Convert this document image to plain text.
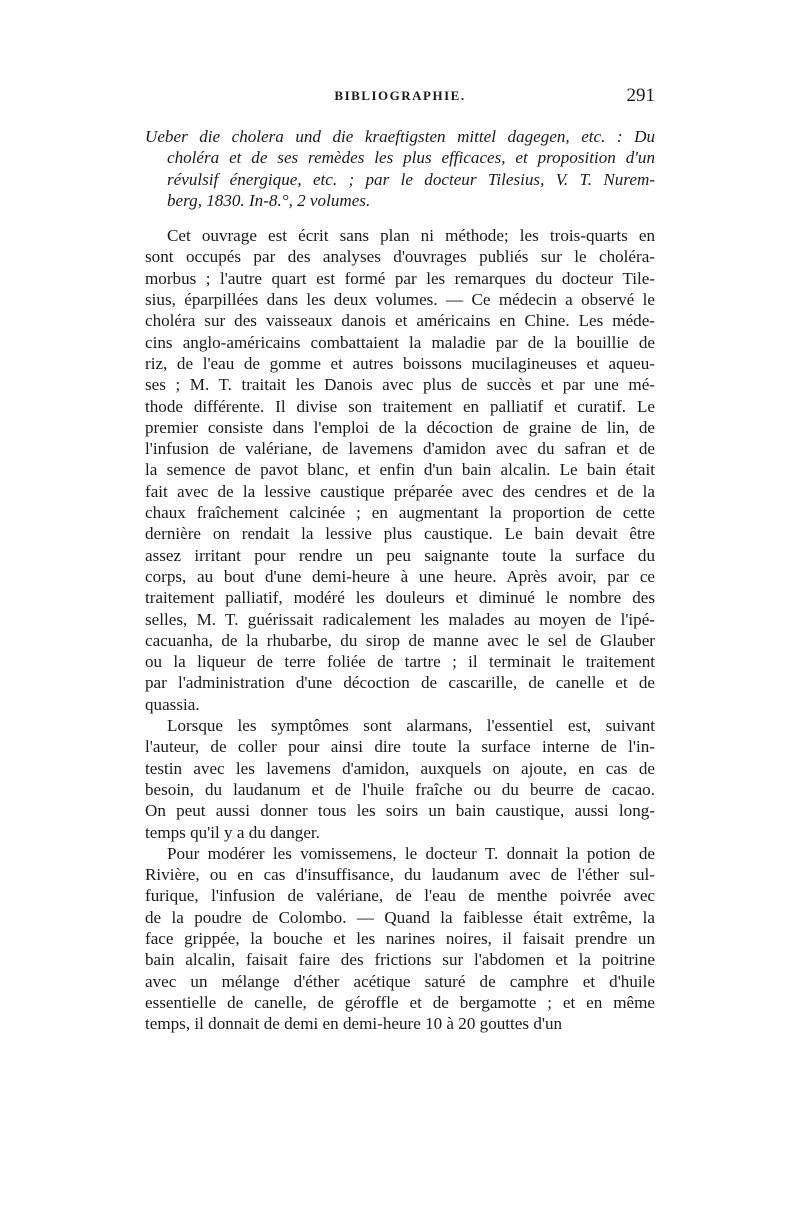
BIBLIOGRAPHIE.	291
Ueber die cholera und die kraeftigsten mittel dagegen, etc. : Du
choléra et de ses remèdes les plus efficaces, et proposition d'un
révulsif énergique, etc. ; par le docteur Tilesius, V. T. Nurem-
berg, 1830. In-8.°, 2 volumes.
Cet ouvrage est écrit sans plan ni méthode; les trois-quarts en
sont occupés par des analyses d'ouvrages publiés sur le choléra-
morbus ; l'autre quart est formé par les remarques du docteur Tile-
sius, éparpillées dans les deux volumes. — Ce médecin a observé le
choléra sur des vaisseaux danois et américains en Chine. Les méde-
cins anglo-américains combattaient la maladie par de la bouillie de
riz, de l'eau de gomme et autres boissons mucilagineuses et aqueu-
ses ; M. T. traitait les Danois avec plus de succès et par une mé-
thode différente. Il divise son traitement en palliatif et curatif. Le
premier consiste dans l'emploi de la décoction de graine de lin, de
l'infusion de valériane, de lavemens d'amidon avec du safran et de
la semence de pavot blanc, et enfin d'un bain alcalin. Le bain était
fait avec de la lessive caustique préparée avec des cendres et de la
chaux fraîchement calcinée ; en augmentant la proportion de cette
dernière on rendait la lessive plus caustique. Le bain devait être
assez irritant pour rendre un peu saignante toute la surface du
corps, au bout d'une demi-heure à une heure. Après avoir, par ce
traitement palliatif, modéré les douleurs et diminué le nombre des
selles, M. T. guérissait radicalement les malades au moyen de l'ipé-
cacuanha, de la rhubarbe, du sirop de manne avec le sel de Glauber
ou la liqueur de terre foliée de tartre ; il terminait le traitement
par l'administration d'une décoction de cascarille, de canelle et de
quassia.
Lorsque les symptômes sont alarmans, l'essentiel est, suivant
l'auteur, de coller pour ainsi dire toute la surface interne de l'in-
testin avec les lavemens d'amidon, auxquels on ajoute, en cas de
besoin, du laudanum et de l'huile fraîche ou du beurre de cacao.
On peut aussi donner tous les soirs un bain caustique, aussi long-
temps qu'il y a du danger.
Pour modérer les vomissemens, le docteur T. donnait la potion de
Rivière, ou en cas d'insuffisance, du laudanum avec de l'éther sul-
furique, l'infusion de valériane, de l'eau de menthe poivrée avec
de la poudre de Colombo. — Quand la faiblesse était extrême, la
face grippée, la bouche et les narines noires, il faisait prendre un
bain alcalin, faisait faire des frictions sur l'abdomen et la poitrine
avec un mélange d'éther acétique saturé de camphre et d'huile
essentielle de canelle, de géroffle et de bergamotte ; et en même
temps, il donnait de demi en demi-heure 10 à 20 gouttes d'un
